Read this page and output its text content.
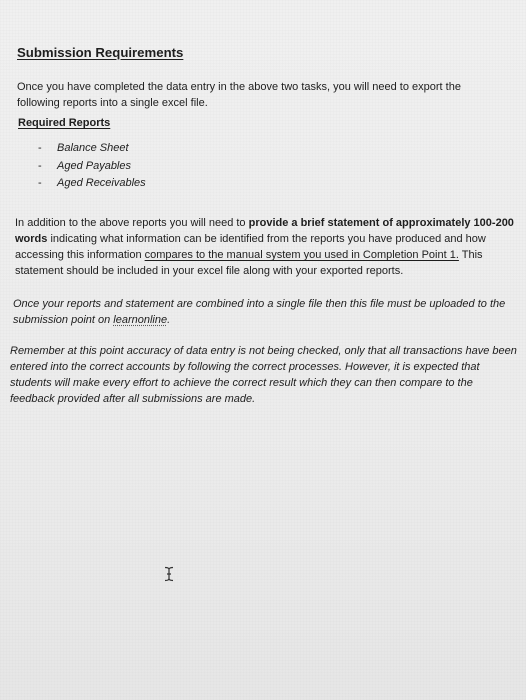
Submission Requirements

Once you have completed the data entry in the above two tasks, you will need to export the following reports into a single excel file.

Required Reports
- Balance Sheet
- Aged Payables
- Aged Receivables

In addition to the above reports you will need to provide a brief statement of approximately 100-200 words indicating what information can be identified from the reports you have produced and how accessing this information compares to the manual system you used in Completion Point 1. This statement should be included in your excel file along with your exported reports.

Once your reports and statement are combined into a single file then this file must be uploaded to the submission point on learnonline.

Remember at this point accuracy of data entry is not being checked, only that all transactions have been entered into the correct accounts by following the correct processes. However, it is expected that students will make every effort to achieve the correct result which they can then compare to the feedback provided after all submissions are made.
